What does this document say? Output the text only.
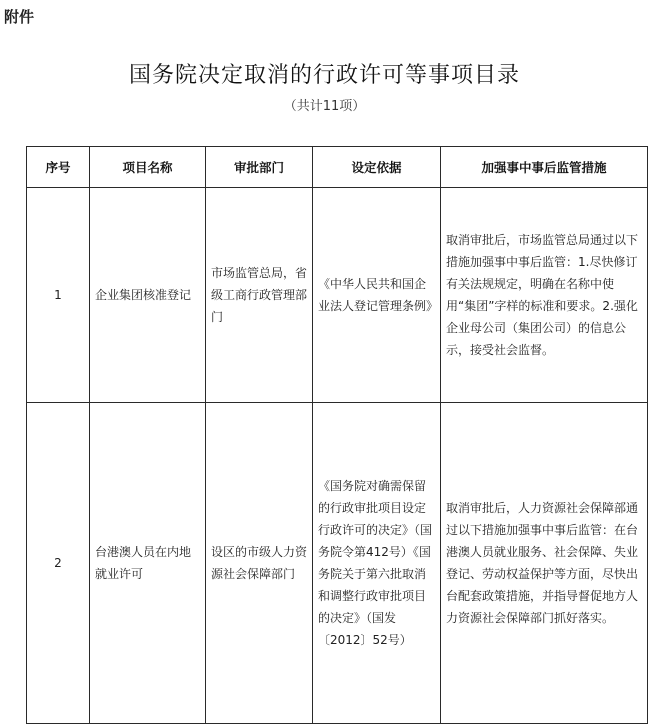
附件
国务院决定取消的行政许可等事项目录
（共计11项）
序号	项目名称	审批部门	设定依据	加强事中事后监管措施
1	企业集团核准登记	市场监管总局，省级工商行政管理部门	《中华人民共和国企业法人登记管理条例》	取消审批后，市场监管总局通过以下措施加强事中事后监管：1.尽快修订有关法规规定，明确在名称中使用“集团”字样的标准和要求。2.强化企业母公司（集团公司）的信息公示，接受社会监督。
2	台港澳人员在内地就业许可	设区的市级人力资源社会保障部门	《国务院对确需保留的行政审批项目设定行政许可的决定》（国务院令第412号）《国务院关于第六批取消和调整行政审批项目的决定》（国发〔2012〕52号）	取消审批后，人力资源社会保障部通过以下措施加强事中事后监管：在台港澳人员就业服务、社会保障、失业登记、劳动权益保护等方面，尽快出台配套政策措施，并指导督促地方人力资源社会保障部门抓好落实。
